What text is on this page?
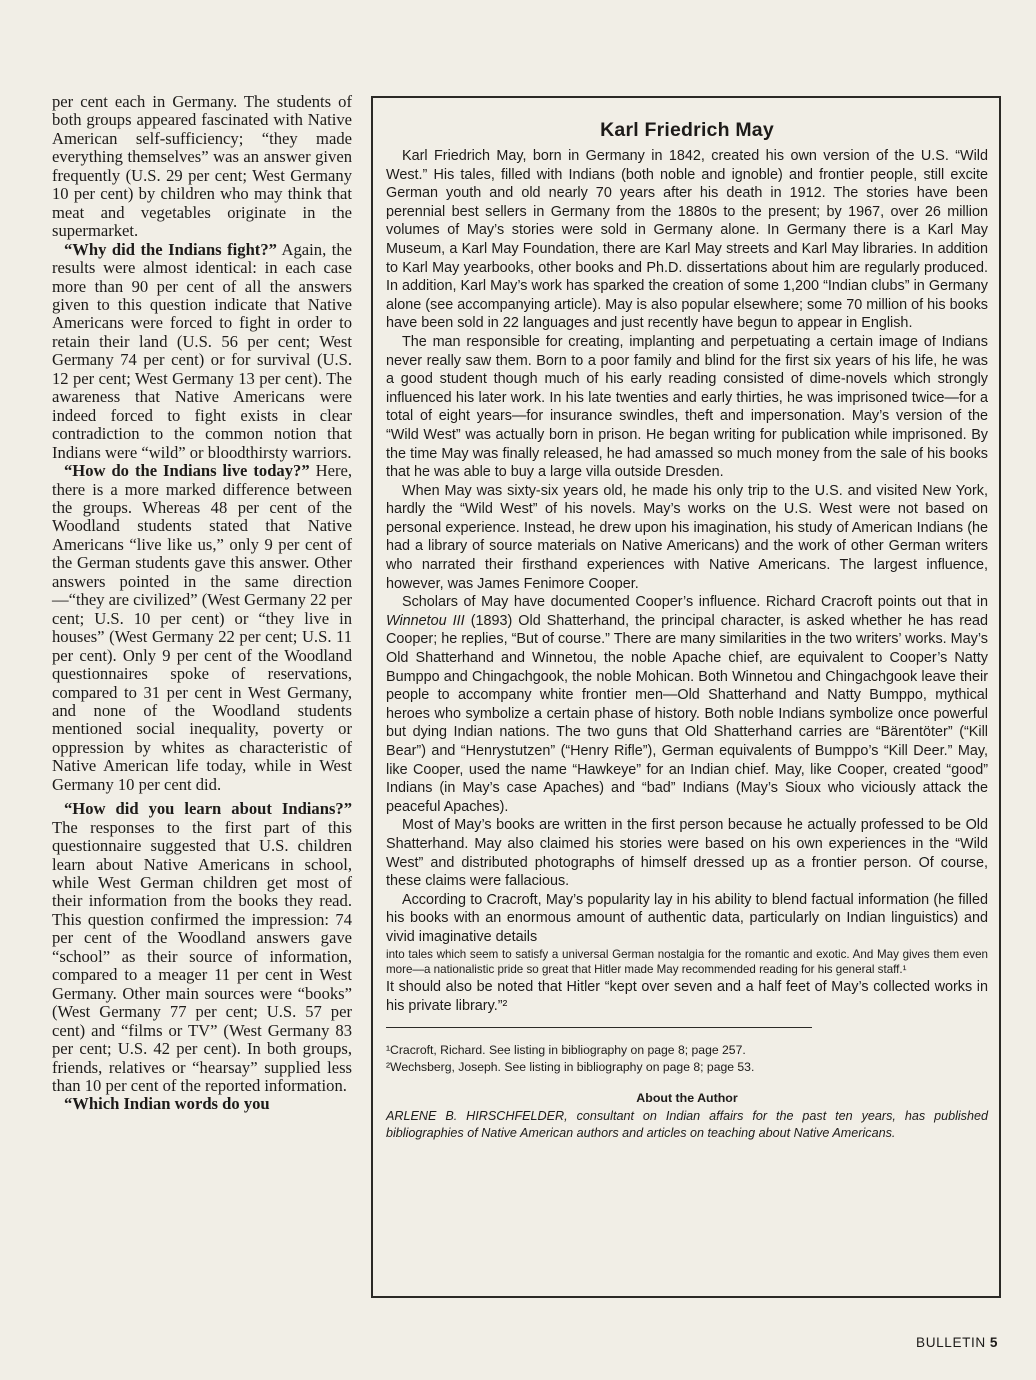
per cent each in Germany. The students of both groups appeared fascinated with Native American self-sufficiency; “they made everything themselves” was an answer given frequently (U.S. 29 per cent; West Germany 10 per cent) by children who may think that meat and vegetables originate in the supermarket.

“Why did the Indians fight?” Again, the results were almost identical: in each case more than 90 per cent of all the answers given to this question indicate that Native Americans were forced to fight in order to retain their land (U.S. 56 per cent; West Germany 74 per cent) or for survival (U.S. 12 per cent; West Germany 13 per cent). The awareness that Native Americans were indeed forced to fight exists in clear contradiction to the common notion that Indians were “wild” or bloodthirsty warriors.

“How do the Indians live today?” Here, there is a more marked difference between the groups. Whereas 48 per cent of the Woodland students stated that Native Americans “live like us,” only 9 per cent of the German students gave this answer. Other answers pointed in the same direction—“they are civilized” (West Germany 22 per cent; U.S. 10 per cent) or “they live in houses” (West Germany 22 per cent; U.S. 11 per cent). Only 9 per cent of the Woodland questionnaires spoke of reservations, compared to 31 per cent in West Germany, and none of the Woodland students mentioned social inequality, poverty or oppression by whites as characteristic of Native American life today, while in West Germany 10 per cent did.

“How did you learn about Indians?” The responses to the first part of this questionnaire suggested that U.S. children learn about Native Americans in school, while West German children get most of their information from the books they read. This question confirmed the impression: 74 per cent of the Woodland answers gave “school” as their source of information, compared to a meager 11 per cent in West Germany. Other main sources were “books” (West Germany 77 per cent; U.S. 57 per cent) and “films or TV” (West Germany 83 per cent; U.S. 42 per cent). In both groups, friends, relatives or “hearsay” supplied less than 10 per cent of the reported information.

“Which Indian words do you

Karl Friedrich May

Karl Friedrich May, born in Germany in 1842, created his own version of the U.S. “Wild West.” His tales, filled with Indians (both noble and ignoble) and frontier people, still excite German youth and old nearly 70 years after his death in 1912. The stories have been perennial best sellers in Germany from the 1880s to the present; by 1967, over 26 million volumes of May’s stories were sold in Germany alone. In Germany there is a Karl May Museum, a Karl May Foundation, there are Karl May streets and Karl May libraries. In addition to Karl May yearbooks, other books and Ph.D. dissertations about him are regularly produced. In addition, Karl May’s work has sparked the creation of some 1,200 “Indian clubs” in Germany alone (see accompanying article). May is also popular elsewhere; some 70 million of his books have been sold in 22 languages and just recently have begun to appear in English.

The man responsible for creating, implanting and perpetuating a certain image of Indians never really saw them. Born to a poor family and blind for the first six years of his life, he was a good student though much of his early reading consisted of dime-novels which strongly influenced his later work. In his late twenties and early thirties, he was imprisoned twice—for a total of eight years—for insurance swindles, theft and impersonation. May’s version of the “Wild West” was actually born in prison. He began writing for publication while imprisoned. By the time May was finally released, he had amassed so much money from the sale of his books that he was able to buy a large villa outside Dresden.

When May was sixty-six years old, he made his only trip to the U.S. and visited New York, hardly the “Wild West” of his novels. May’s works on the U.S. West were not based on personal experience. Instead, he drew upon his imagination, his study of American Indians (he had a library of source materials on Native Americans) and the work of other German writers who narrated their firsthand experiences with Native Americans. The largest influence, however, was James Fenimore Cooper.

Scholars of May have documented Cooper’s influence. Richard Cracroft points out that in Winnetou III (1893) Old Shatterhand, the principal character, is asked whether he has read Cooper; he replies, “But of course.” There are many similarities in the two writers’ works. May’s Old Shatterhand and Winnetou, the noble Apache chief, are equivalent to Cooper’s Natty Bumppo and Chingachgook, the noble Mohican. Both Winnetou and Chingachgook leave their people to accompany white frontier men—Old Shatterhand and Natty Bumppo, mythical heroes who symbolize a certain phase of history. Both noble Indians symbolize once powerful but dying Indian nations. The two guns that Old Shatterhand carries are “Bärentöter” (“Kill Bear”) and “Henrystutzen” (“Henry Rifle”), German equivalents of Bumppo’s “Kill Deer.” May, like Cooper, used the name “Hawkeye” for an Indian chief. May, like Cooper, created “good” Indians (in May’s case Apaches) and “bad” Indians (May’s Sioux who viciously attack the peaceful Apaches).

Most of May’s books are written in the first person because he actually professed to be Old Shatterhand. May also claimed his stories were based on his own experiences in the “Wild West” and distributed photographs of himself dressed up as a frontier person. Of course, these claims were fallacious.

According to Cracroft, May’s popularity lay in his ability to blend factual information (he filled his books with an enormous amount of authentic data, particularly on Indian linguistics) and vivid imaginative details

into tales which seem to satisfy a universal German nostalgia for the romantic and exotic. And May gives them even more—a nationalistic pride so great that Hitler made May recommended reading for his general staff.¹

It should also be noted that Hitler “kept over seven and a half feet of May’s collected works in his private library.”²

¹Cracroft, Richard. See listing in bibliography on page 8; page 257.

²Wechsberg, Joseph. See listing in bibliography on page 8; page 53.

About the Author

ARLENE B. HIRSCHFELDER, consultant on Indian affairs for the past ten years, has published bibliographies of Native American authors and articles on teaching about Native Americans.

BULLETIN 5
